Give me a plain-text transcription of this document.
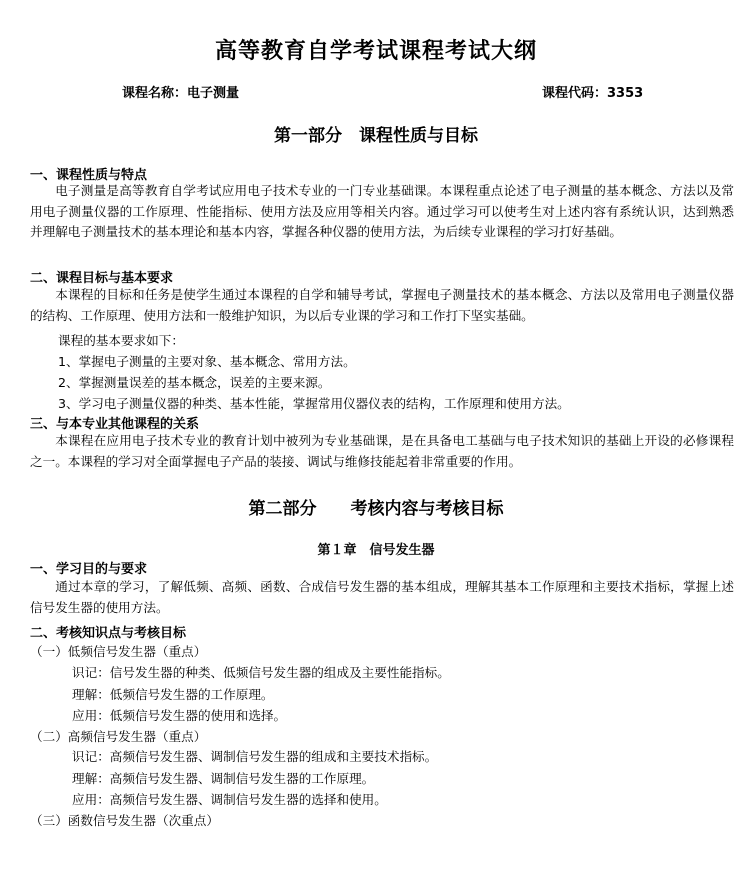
高等教育自学考试课程考试大纲
课程名称：电子测量	课程代码：3353
第一部分　课程性质与目标
一、课程性质与特点
电子测量是高等教育自学考试应用电子技术专业的一门专业基础课。本课程重点论述了电子测量的基本概念、方法以及常用电子测量仪器的工作原理、性能指标、使用方法及应用等相关内容。通过学习可以使考生对上述内容有系统认识，达到熟悉并理解电子测量技术的基本理论和基本内容，掌握各种仪器的使用方法，为后续专业课程的学习打好基础。
二、课程目标与基本要求
本课程的目标和任务是使学生通过本课程的自学和辅导考试，掌握电子测量技术的基本概念、方法以及常用电子测量仪器的结构、工作原理、使用方法和一般维护知识，为以后专业课的学习和工作打下坚实基础。
课程的基本要求如下：
1、掌握电子测量的主要对象、基本概念、常用方法。
2、掌握测量误差的基本概念，误差的主要来源。
3、学习电子测量仪器的种类、基本性能，掌握常用仪器仪表的结构，工作原理和使用方法。
三、与本专业其他课程的关系
本课程在应用电子技术专业的教育计划中被列为专业基础课，是在具备电工基础与电子技术知识的基础上开设的必修课程之一。本课程的学习对全面掌握电子产品的装接、调试与维修技能起着非常重要的作用。
第二部分　　考核内容与考核目标
第１章　信号发生器
一、学习目的与要求
通过本章的学习，了解低频、高频、函数、合成信号发生器的基本组成，理解其基本工作原理和主要技术指标，掌握上述信号发生器的使用方法。
二、考核知识点与考核目标
（一）低频信号发生器（重点）
识记：信号发生器的种类、低频信号发生器的组成及主要性能指标。
理解：低频信号发生器的工作原理。
应用：低频信号发生器的使用和选择。
（二）高频信号发生器（重点）
识记：高频信号发生器、调制信号发生器的组成和主要技术指标。
理解：高频信号发生器、调制信号发生器的工作原理。
应用：高频信号发生器、调制信号发生器的选择和使用。
（三）函数信号发生器（次重点）
